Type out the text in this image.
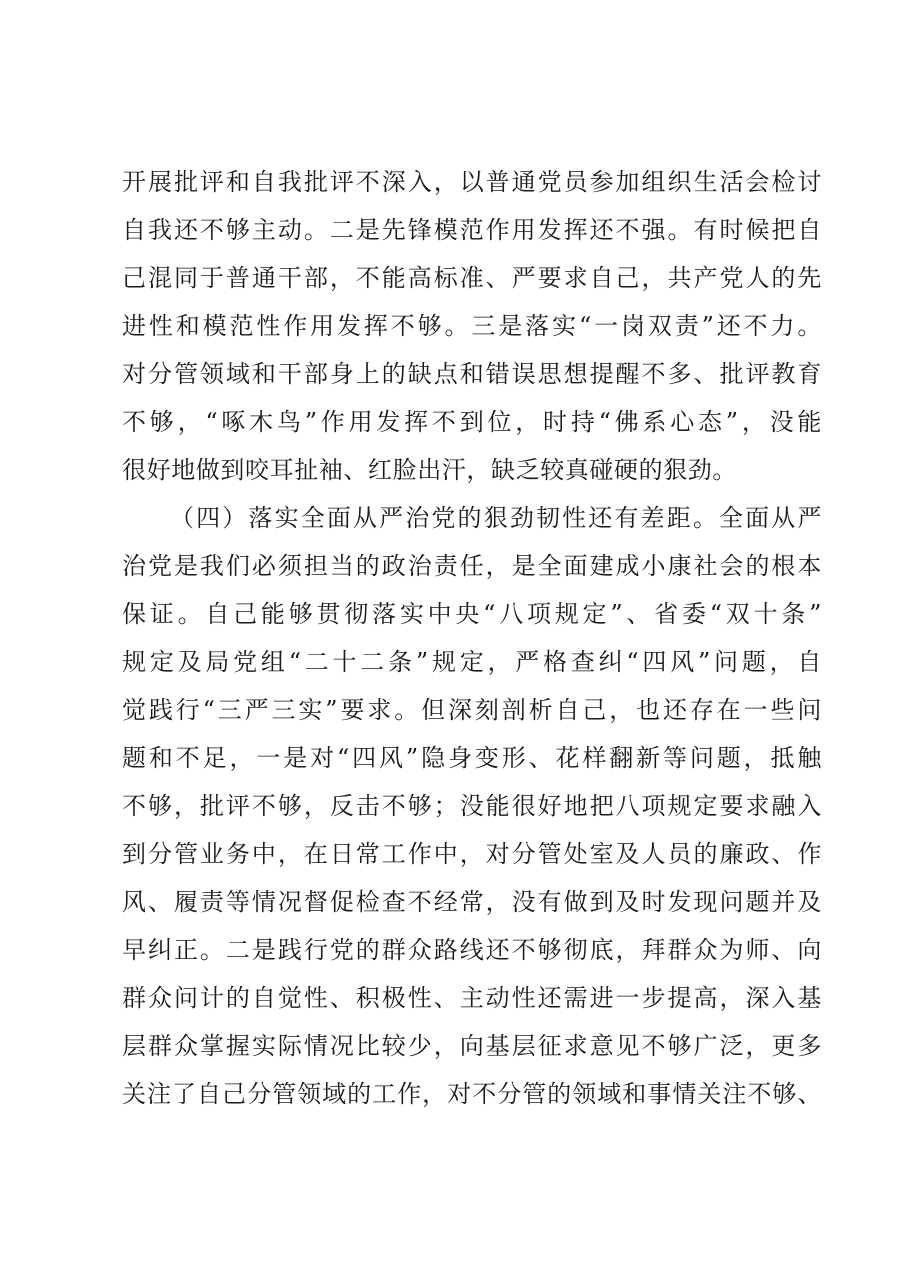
开展批评和自我批评不深入，以普通党员参加组织生活会检讨
自我还不够主动。二是先锋模范作用发挥还不强。有时候把自
己混同于普通干部，不能高标准、严要求自己，共产党人的先
进性和模范性作用发挥不够。三是落实“一岗双责”还不力。
对分管领域和干部身上的缺点和错误思想提醒不多、批评教育
不够，“啄木鸟”作用发挥不到位，时持“佛系心态”，没能
很好地做到咬耳扯袖、红脸出汗，缺乏较真碰硬的狠劲。
（四）落实全面从严治党的狠劲韧性还有差距。全面从严
治党是我们必须担当的政治责任，是全面建成小康社会的根本
保证。自己能够贯彻落实中央“八项规定”、省委“双十条”
规定及局党组“二十二条”规定，严格查纠“四风”问题，自
觉践行“三严三实”要求。但深刻剖析自己，也还存在一些问
题和不足，一是对“四风”隐身变形、花样翻新等问题，抵触
不够，批评不够，反击不够；没能很好地把八项规定要求融入
到分管业务中，在日常工作中，对分管处室及人员的廉政、作
风、履责等情况督促检查不经常，没有做到及时发现问题并及
早纠正。二是践行党的群众路线还不够彻底，拜群众为师、向
群众问计的自觉性、积极性、主动性还需进一步提高，深入基
层群众掌握实际情况比较少，向基层征求意见不够广泛，更多
关注了自己分管领域的工作，对不分管的领域和事情关注不够、
